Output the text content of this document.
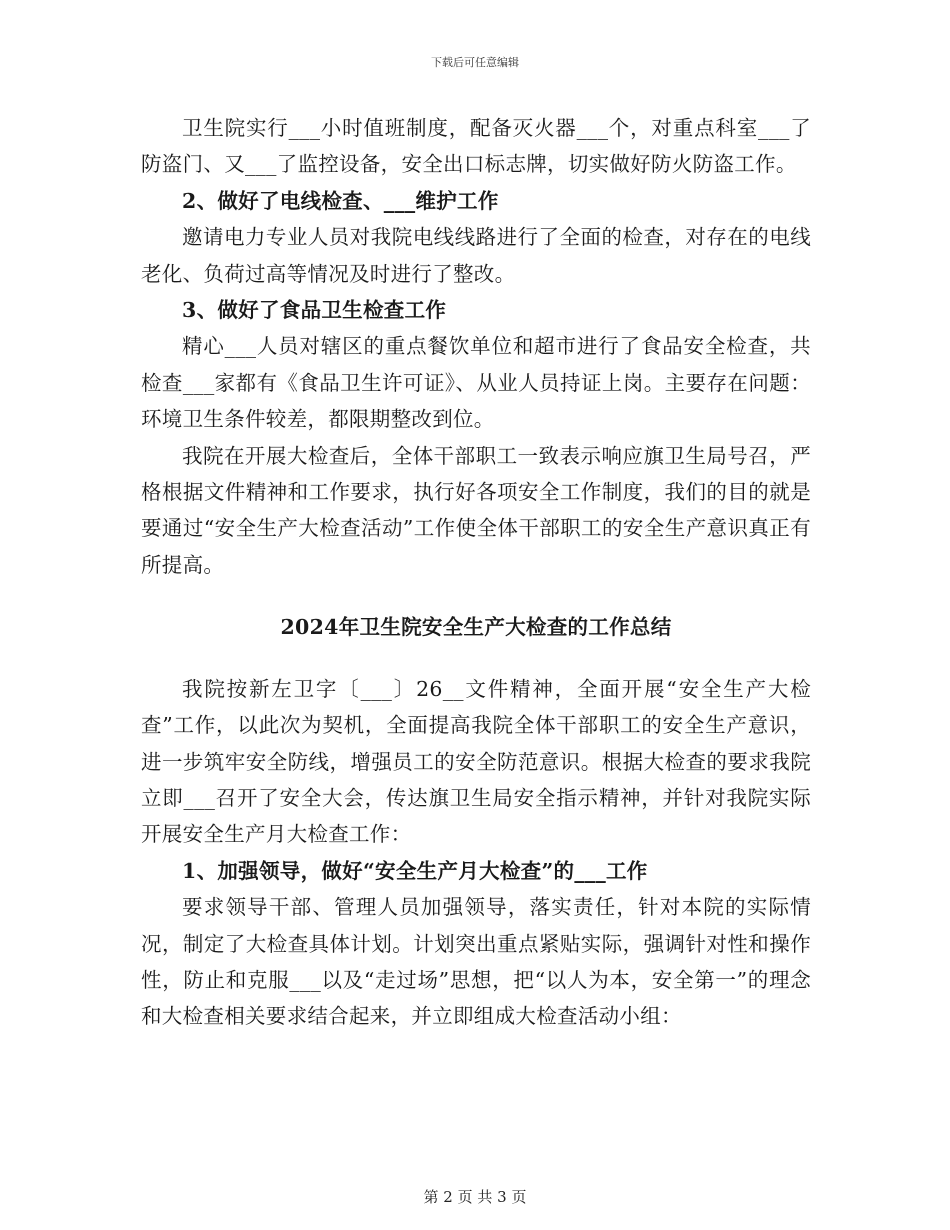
下载后可任意编辑

卫生院实行___小时值班制度，配备灭火器___个，对重点科室___了防盗门、又___了监控设备，安全出口标志牌，切实做好防火防盗工作。

2、做好了电线检查、___维护工作

邀请电力专业人员对我院电线线路进行了全面的检查，对存在的电线老化、负荷过高等情况及时进行了整改。

3、做好了食品卫生检查工作

精心___人员对辖区的重点餐饮单位和超市进行了食品安全检查，共检查___家都有《食品卫生许可证》、从业人员持证上岗。主要存在问题：环境卫生条件较差，都限期整改到位。

我院在开展大检查后，全体干部职工一致表示响应旗卫生局号召，严格根据文件精神和工作要求，执行好各项安全工作制度，我们的目的就是要通过“安全生产大检查活动”工作使全体干部职工的安全生产意识真正有所提高。

2024年卫生院安全生产大检查的工作总结

我院按新左卫字〔___〕26__文件精神，全面开展“安全生产大检查”工作，以此次为契机，全面提高我院全体干部职工的安全生产意识，进一步筑牢安全防线，增强员工的安全防范意识。根据大检查的要求我院立即___召开了安全大会，传达旗卫生局安全指示精神，并针对我院实际开展安全生产月大检查工作：

1、加强领导，做好“安全生产月大检查”的___工作

要求领导干部、管理人员加强领导，落实责任，针对本院的实际情况，制定了大检查具体计划。计划突出重点紧贴实际，强调针对性和操作性，防止和克服___以及“走过场”思想，把“以人为本，安全第一”的理念和大检查相关要求结合起来，并立即组成大检查活动小组：

第 2 页 共 3 页
